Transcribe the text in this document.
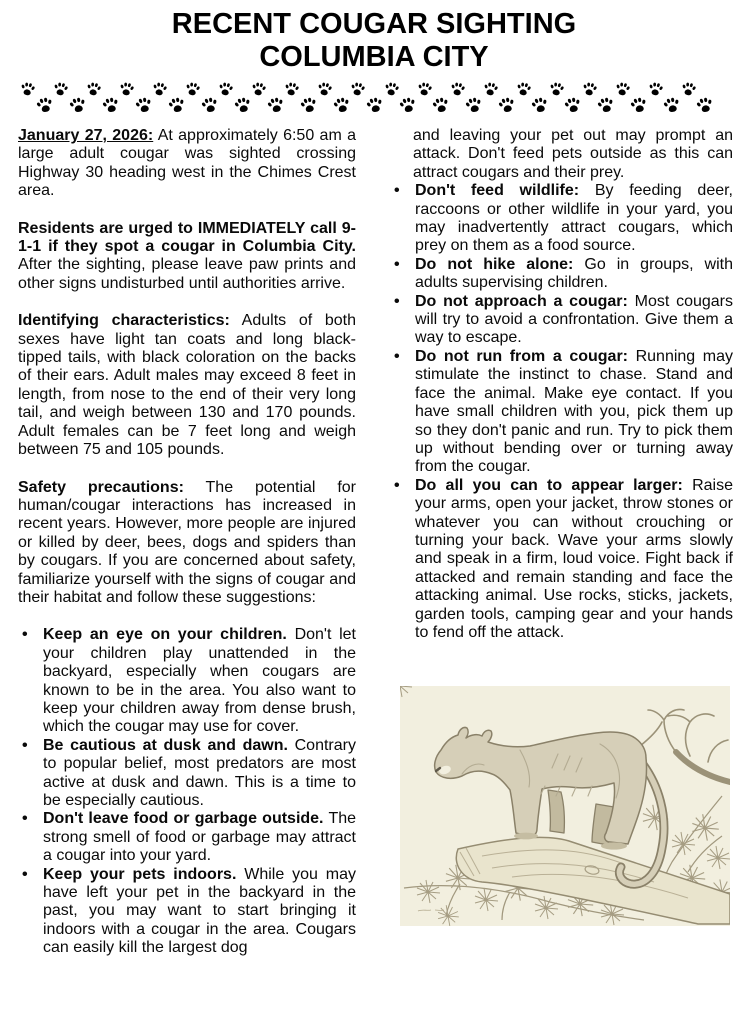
RECENT COUGAR SIGHTING
COLUMBIA CITY

January 27, 2026: At approximately 6:50 am a large adult cougar was sighted crossing Highway 30 heading west in the Chimes Crest area.

Residents are urged to IMMEDIATELY call 9-1-1 if they spot a cougar in Columbia City. After the sighting, please leave paw prints and other signs undisturbed until authorities arrive.

Identifying characteristics: Adults of both sexes have light tan coats and long black-tipped tails, with black coloration on the backs of their ears. Adult males may exceed 8 feet in length, from nose to the end of their very long tail, and weigh between 130 and 170 pounds. Adult females can be 7 feet long and weigh between 75 and 105 pounds.

Safety precautions: The potential for human/cougar interactions has increased in recent years. However, more people are injured or killed by deer, bees, dogs and spiders than by cougars. If you are concerned about safety, familiarize yourself with the signs of cougar and their habitat and follow these suggestions:

• Keep an eye on your children. Don't let your children play unattended in the backyard, especially when cougars are known to be in the area. You also want to keep your children away from dense brush, which the cougar may use for cover.
• Be cautious at dusk and dawn. Contrary to popular belief, most predators are most active at dusk and dawn. This is a time to be especially cautious.
• Don't leave food or garbage outside. The strong smell of food or garbage may attract a cougar into your yard.
• Keep your pets indoors. While you may have left your pet in the backyard in the past, you may want to start bringing it indoors with a cougar in the area. Cougars can easily kill the largest dog

and leaving your pet out may prompt an attack. Don't feed pets outside as this can attract cougars and their prey.

• Don't feed wildlife: By feeding deer, raccoons or other wildlife in your yard, you may inadvertently attract cougars, which prey on them as a food source.
• Do not hike alone: Go in groups, with adults supervising children.
• Do not approach a cougar: Most cougars will try to avoid a confrontation. Give them a way to escape.
• Do not run from a cougar: Running may stimulate the instinct to chase. Stand and face the animal. Make eye contact. If you have small children with you, pick them up so they don't panic and run. Try to pick them up without bending over or turning away from the cougar.
• Do all you can to appear larger: Raise your arms, open your jacket, throw stones or whatever you can without crouching or turning your back. Wave your arms slowly and speak in a firm, loud voice. Fight back if attacked and remain standing and face the attacking animal. Use rocks, sticks, jackets, garden tools, camping gear and your hands to fend off the attack.
